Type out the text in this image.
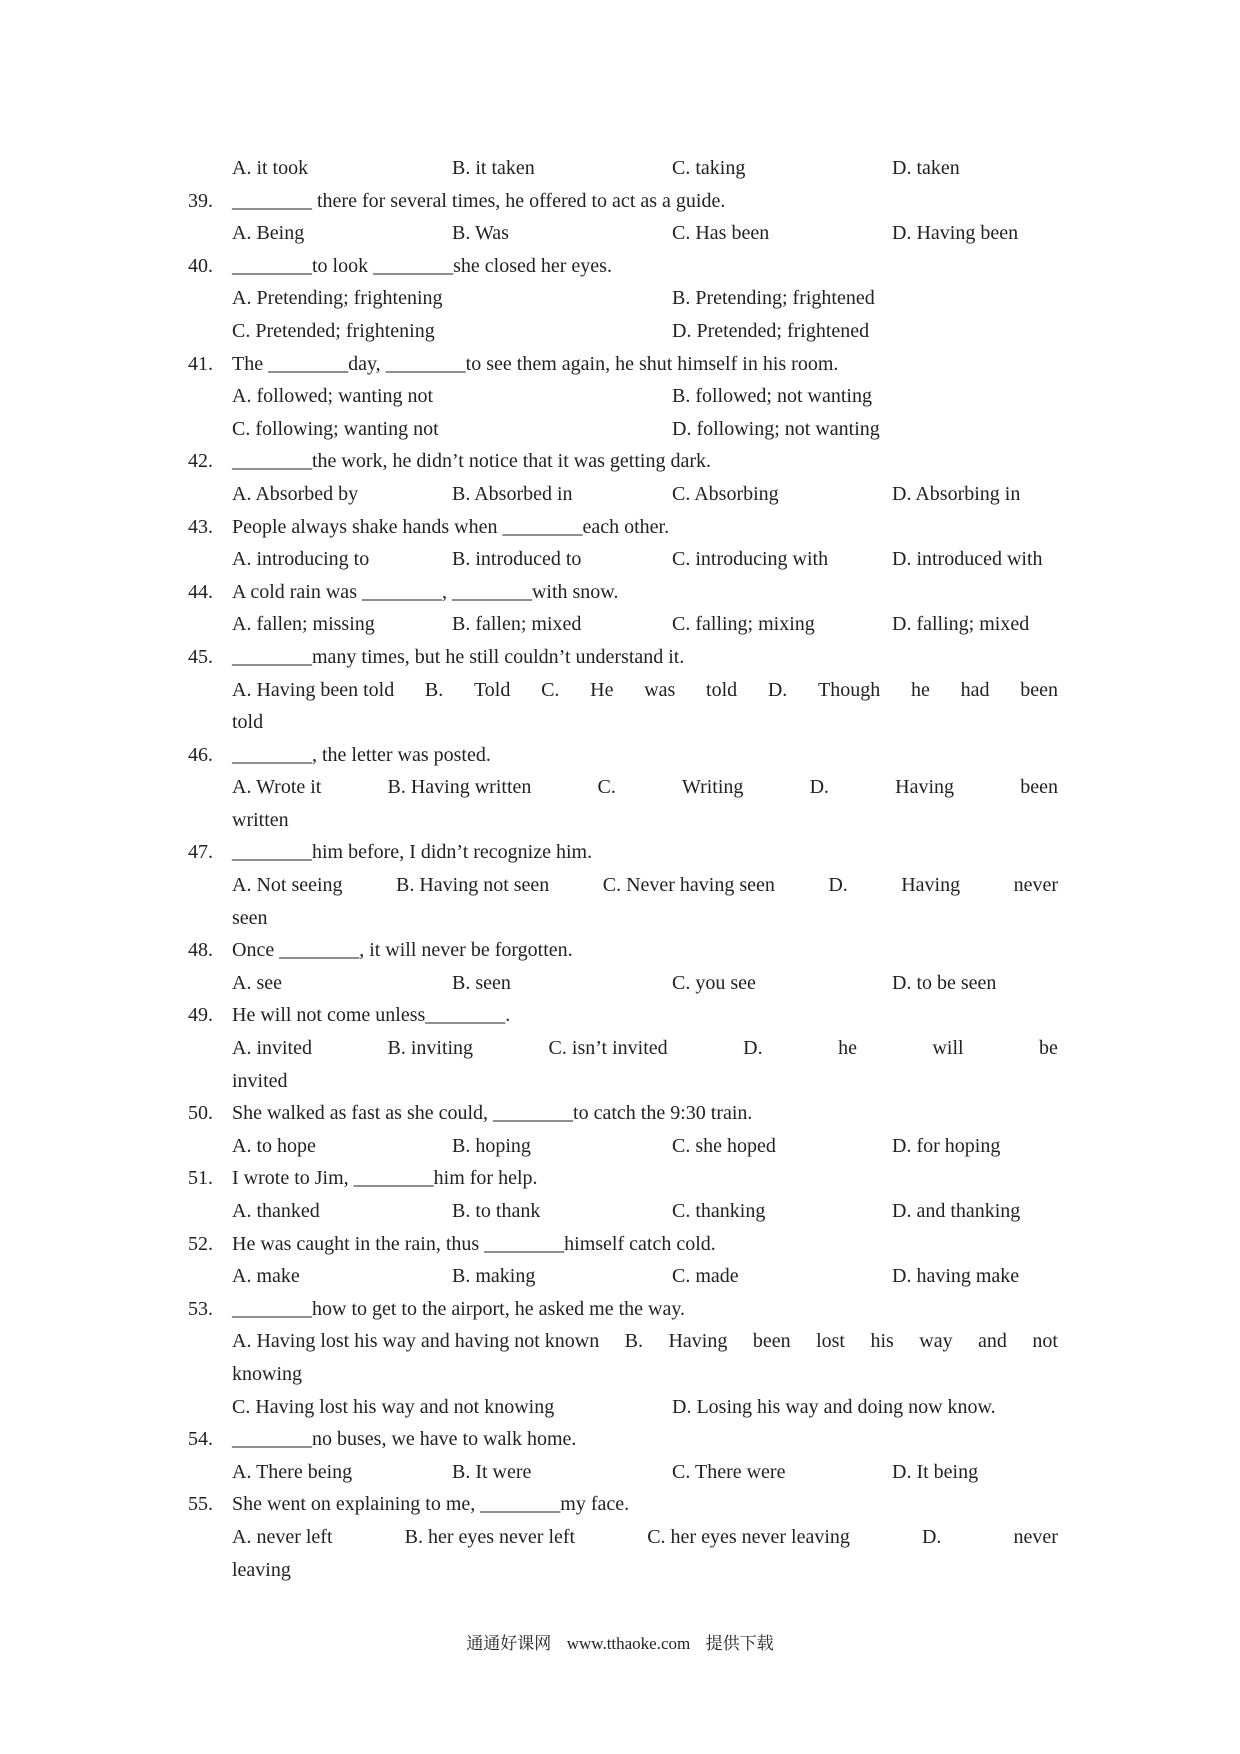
A. it took	B. it taken	C. taking	D. taken
39. ________ there for several times, he offered to act as a guide.
A. Being	B. Was	C. Has been	D. Having been
40. ________to look ________she closed her eyes.
A. Pretending; frightening	B. Pretending; frightened
C. Pretended; frightening	D. Pretended; frightened
41. The ________day, ________to see them again, he shut himself in his room.
A. followed; wanting not	B. followed; not wanting
C. following; wanting not	D. following; not wanting
42. ________the work, he didn’t notice that it was getting dark.
A. Absorbed by	B. Absorbed in	C. Absorbing	D. Absorbing in
43. People always shake hands when ________each other.
A. introducing to	B. introduced to	C. introducing with	D. introduced with
44. A cold rain was ________, ________with snow.
A. fallen; missing	B. fallen; mixed	C. falling; mixing	D. falling; mixed
45. ________many times, but he still couldn’t understand it.
A. Having been told B. Told C. He was told D. Though he had been
told
46. ________, the letter was posted.
A. Wrote it	B. Having written	C.	Writing	D.	Having	been
written
47. ________him before, I didn’t recognize him.
A. Not seeing	B. Having not seen	C. Never having seen	D.	Having	never
seen
48. Once ________, it will never be forgotten.
A. see	B. seen	C. you see	D. to be seen
49. He will not come unless________.
A. invited	B. inviting	C. isn’t invited	D.	he	will	be
invited
50. She walked as fast as she could, ________to catch the 9:30 train.
A. to hope	B. hoping	C. she hoped	D. for hoping
51. I wrote to Jim, ________him for help.
A. thanked	B. to thank	C. thanking	D. and thanking
52. He was caught in the rain, thus ________himself catch cold.
A. make	B. making	C. made	D. having make
53. ________how to get to the airport, he asked me the way.
A. Having lost his way and having not known B. Having been lost his way and not
knowing
C. Having lost his way and not knowing	D. Losing his way and doing now know.
54. ________no buses, we have to walk home.
A. There being	B. It were	C. There were	D. It being
55. She went on explaining to me, ________my face.
A. never left	B. her eyes never left	C. her eyes never leaving	D.	never
leaving
通通好课网 www.tthaoke.com 提供下载
